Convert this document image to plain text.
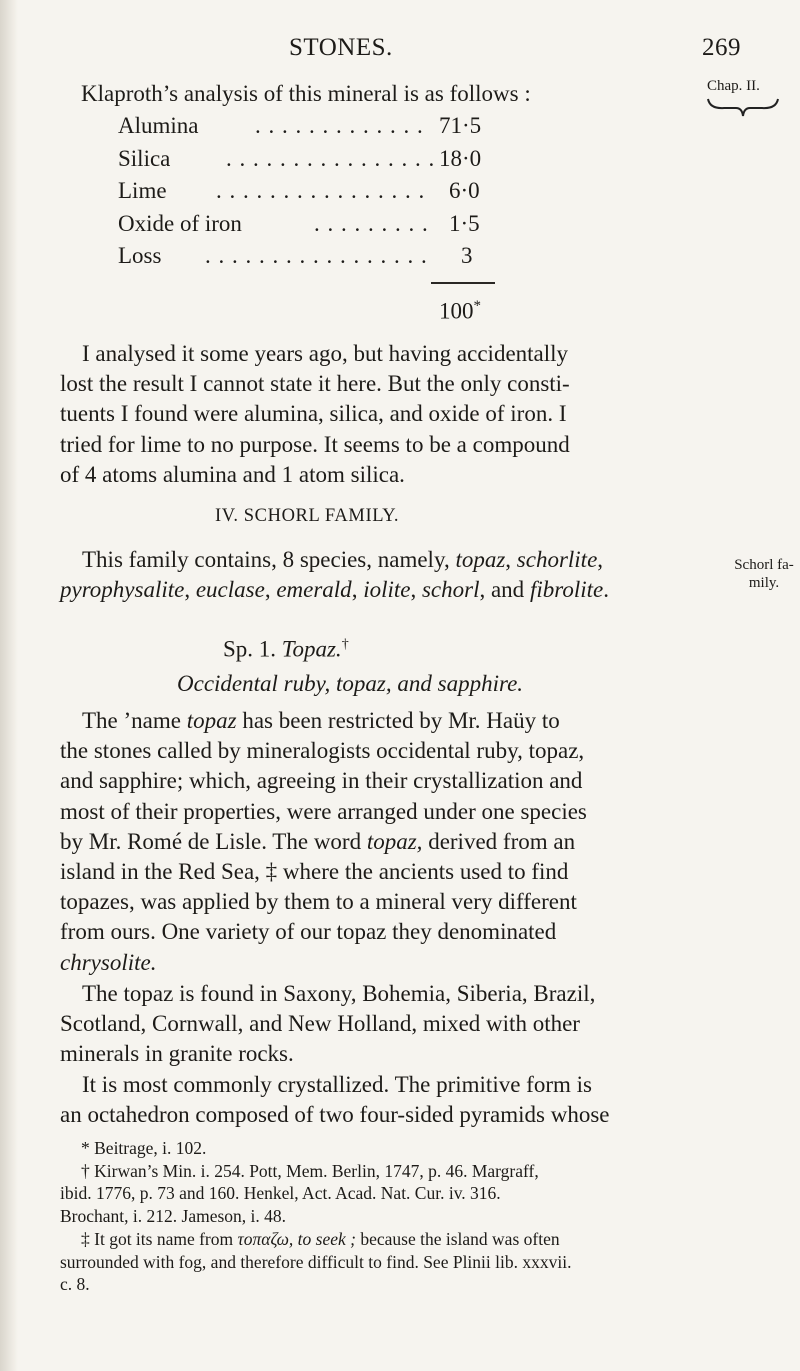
STONES.	269
Chap. II.
Klaproth’s analysis of this mineral is as follows :
Alumina . . . . . . . . . . . . . 71·5
Silica . . . . . . . . . . . . . . . . 18·0
Lime . . . . . . . . . . . . . . . .	6·0
Oxide of iron	. . . . . . . . . 1·5
Loss . . . . . . . . . . . . . . . . .	3
100*
I analysed it some years ago, but having accidentally
lost the result I cannot state it here. But the only consti-
tuents I found were alumina, silica, and oxide of iron. I
tried for lime to no purpose. It seems to be a compound
of 4 atoms alumina and 1 atom silica.
IV. SCHORL FAMILY.
This family contains, 8 species, namely, topaz, schorlite,
pyrophysalite, euclase, emerald, iolite, schorl, and fibrolite.
Schorl fa-
mily.
Sp. 1. Topaz.†
Occidental ruby, topaz, and sapphire.
The ’name topaz has been restricted by Mr. Haüy to
the stones called by mineralogists occidental ruby, topaz,
and sapphire; which, agreeing in their crystallization and
most of their properties, were arranged under one species
by Mr. Romé de Lisle. The word topaz, derived from an
island in the Red Sea, ‡ where the ancients used to find
topazes, was applied by them to a mineral very different
from ours. One variety of our topaz they denominated
chrysolite.
The topaz is found in Saxony, Bohemia, Siberia, Brazil,
Scotland, Cornwall, and New Holland, mixed with other
minerals in granite rocks.
It is most commonly crystallized. The primitive form is
an octahedron composed of two four-sided pyramids whose
* Beitrage, i. 102.
† Kirwan’s Min. i. 254. Pott, Mem. Berlin, 1747, p. 46. Margraff,
ibid. 1776, p. 73 and 160. Henkel, Act. Acad. Nat. Cur. iv. 316.
Brochant, i. 212. Jameson, i. 48.
‡ It got its name from τοπαζω, to seek ; because the island was often
surrounded with fog, and therefore difficult to find. See Plinii lib. xxxvii.
c. 8.
